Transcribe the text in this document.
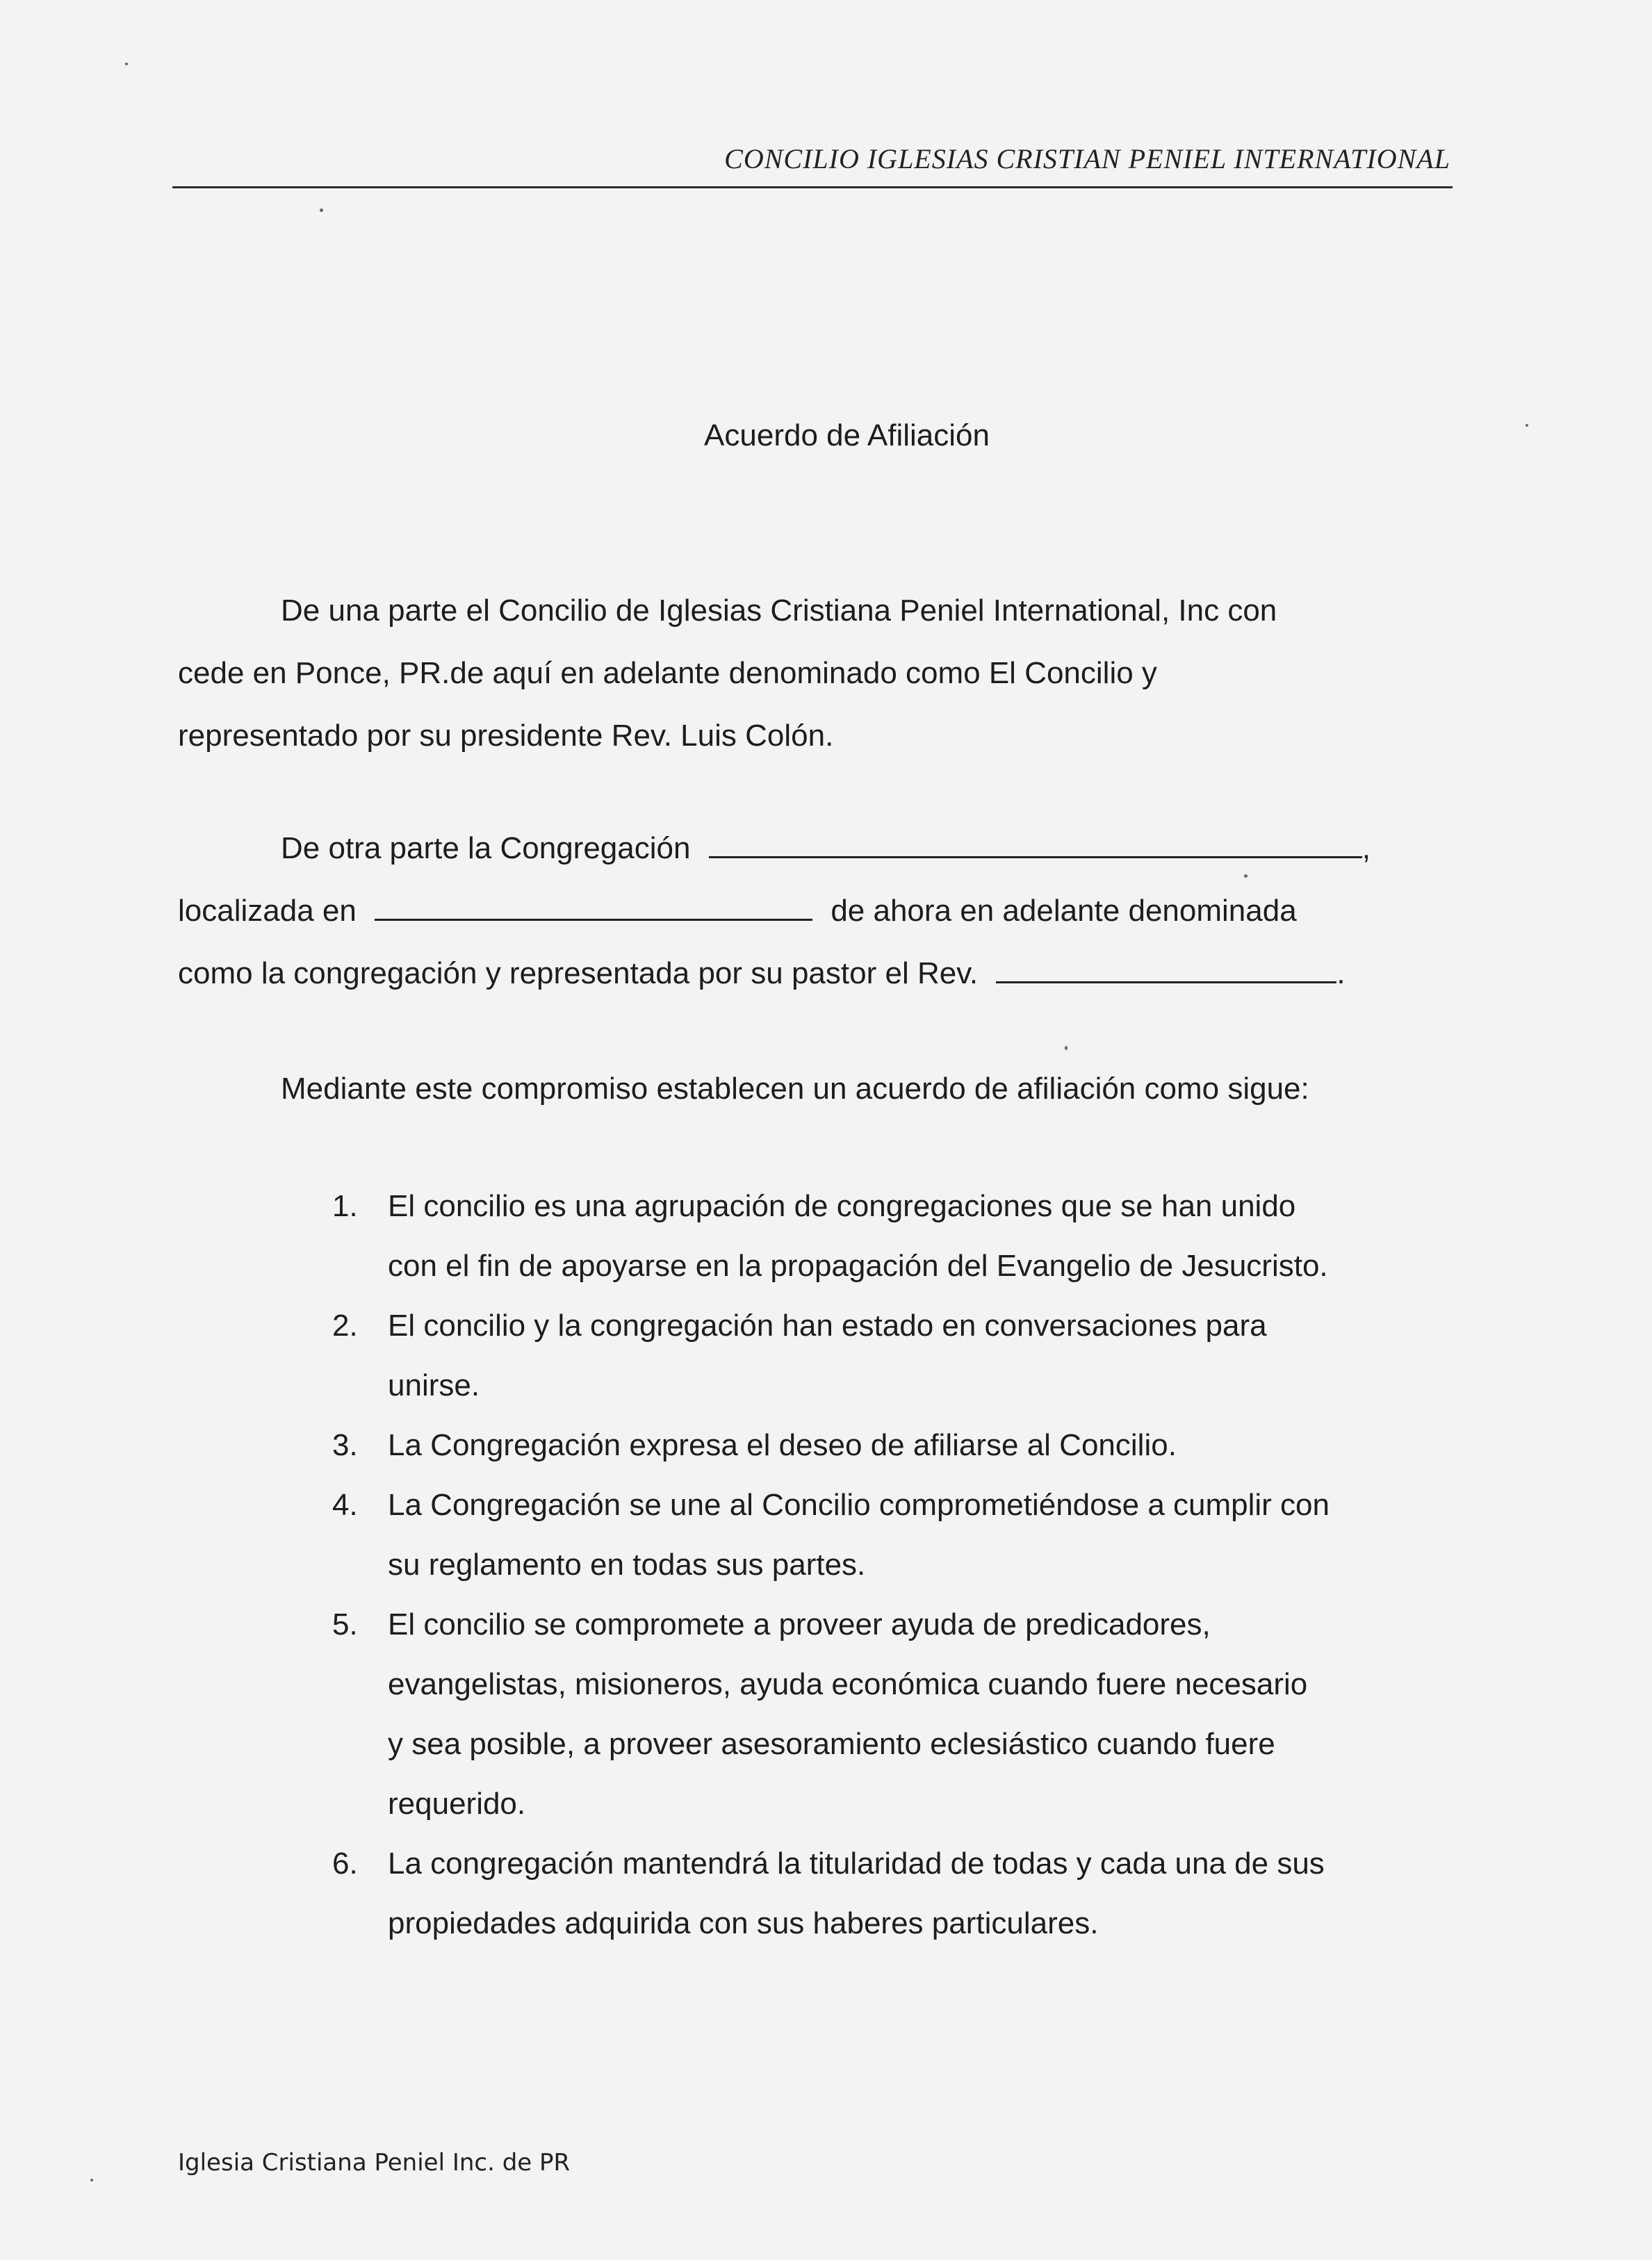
CONCILIO IGLESIAS CRISTIAN PENIEL INTERNATIONAL
Acuerdo de Afiliación
De una parte el Concilio de Iglesias Cristiana Peniel International, Inc con
cede en Ponce, PR.de aquí en adelante denominado como El Concilio y
representado por su presidente Rev. Luis Colón.
De otra parte la Congregación	,
localizada en	de ahora en adelante denominada
como la congregación y representada por su pastor el Rev.	.
Mediante este compromiso establecen un acuerdo de afiliación como sigue:
1. El concilio es una agrupación de congregaciones que se han unido
con el fin de apoyarse en la propagación del Evangelio de Jesucristo.
2. El concilio y la congregación han estado en conversaciones para
unirse.
3. La Congregación expresa el deseo de afiliarse al Concilio.
4. La Congregación se une al Concilio comprometiéndose a cumplir con
su reglamento en todas sus partes.
5. El concilio se compromete a proveer ayuda de predicadores,
evangelistas, misioneros, ayuda económica cuando fuere necesario
y sea posible, a proveer asesoramiento eclesiástico cuando fuere
requerido.
6. La congregación mantendrá la titularidad de todas y cada una de sus
propiedades adquirida con sus haberes particulares.
Iglesia Cristiana Peniel Inc. de PR
